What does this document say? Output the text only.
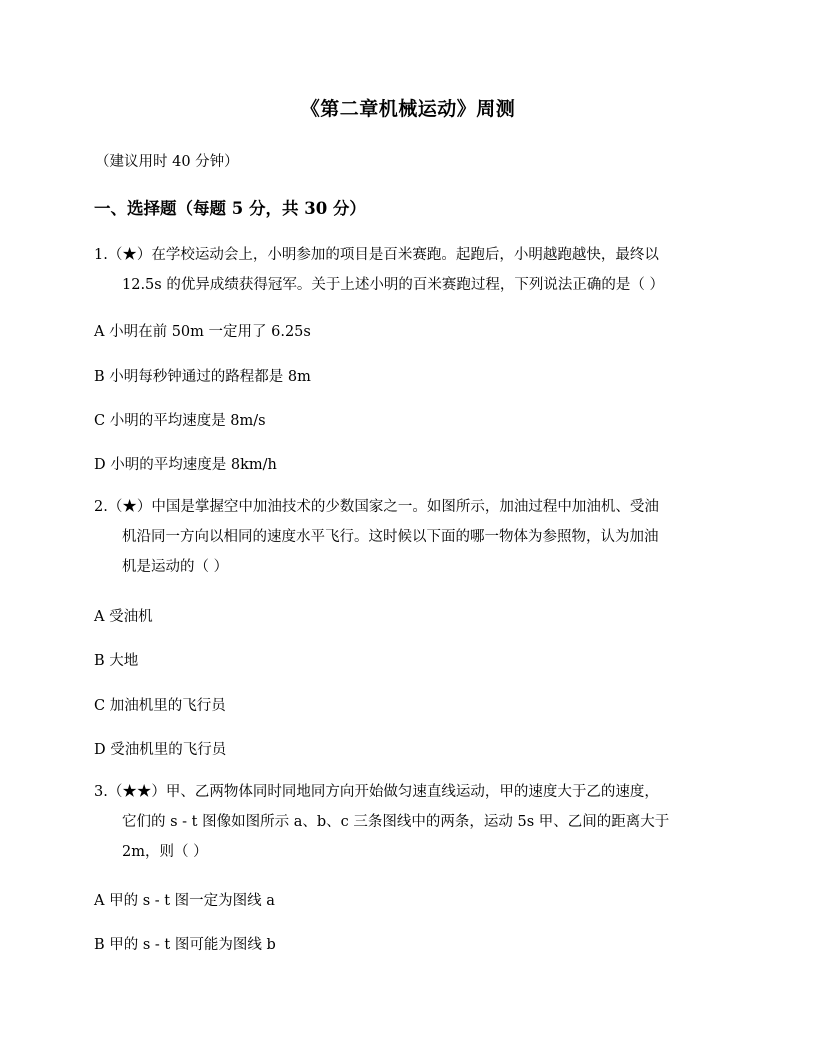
《第二章机械运动》周测
（建议用时 40 分钟）
一、选择题（每题 5 分，共 30 分）
1.（★）在学校运动会上，小明参加的项目是百米赛跑。起跑后，小明越跑越快，最终以
12.5s 的优异成绩获得冠军。关于上述小明的百米赛跑过程，下列说法正确的是（ ）
A 小明在前 50m 一定用了 6.25s
B 小明每秒钟通过的路程都是 8m
C 小明的平均速度是 8m/s
D 小明的平均速度是 8km/h
2.（★）中国是掌握空中加油技术的少数国家之一。如图所示，加油过程中加油机、受油
机沿同一方向以相同的速度水平飞行。这时候以下面的哪一物体为参照物，认为加油
机是运动的（ ）
A 受油机
B 大地
C 加油机里的飞行员
D 受油机里的飞行员
3.（★★）甲、乙两物体同时同地同方向开始做匀速直线运动，甲的速度大于乙的速度，
它们的 s - t 图像如图所示 a、b、c 三条图线中的两条，运动 5s 甲、乙间的距离大于
2m，则（ ）
A 甲的 s - t 图一定为图线 a
B 甲的 s - t 图可能为图线 b
